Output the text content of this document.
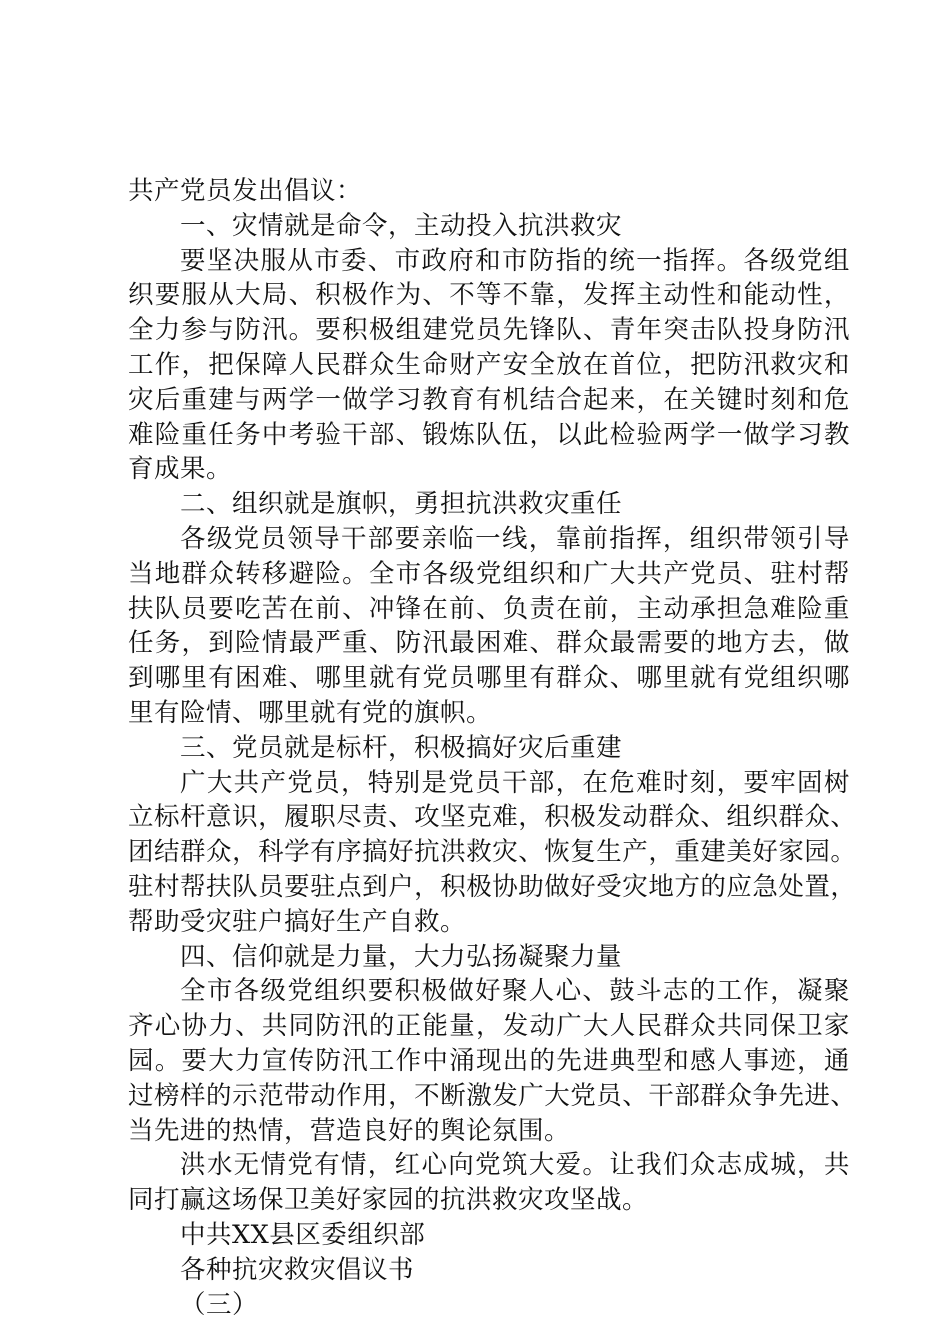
共产党员发出倡议：
一、灾情就是命令，主动投入抗洪救灾
要 坚 决 服 从 市 委 、 市 政 府 和 市 防 指 的 统 一 指 挥 。 各 级 党 组
织 要 服 从 大 局 、 积 极 作 为 、 不 等 不 靠 ， 发 挥 主 动 性 和 能 动 性 ，
全 力 参 与 防 汛 。 要 积 极 组 建 党 员 先 锋 队 、 青 年 突 击 队 投 身 防 汛
工 作 ， 把 保 障 人 民 群 众 生 命 财 产 安 全 放 在 首 位 ， 把 防 汛 救 灾 和
灾 后 重 建 与 两 学 一 做 学 习 教 育 有 机 结 合 起 来 ， 在 关 键 时 刻 和 危
难 险 重 任 务 中 考 验 干 部 、 锻 炼 队 伍 ， 以 此 检 验 两 学 一 做 学 习 教
育成果。
二、组织就是旗帜，勇担抗洪救灾重任
各 级 党 员 领 导 干 部 要 亲 临 一 线 ， 靠 前 指 挥 ， 组 织 带 领 引 导
当 地 群 众 转 移 避 险 。 全 市 各 级 党 组 织 和 广 大 共 产 党 员 、 驻 村 帮
扶 队 员 要 吃 苦 在 前 、 冲 锋 在 前 、 负 责 在 前 ， 主 动 承 担 急 难 险 重
任 务 ， 到 险 情 最 严 重 、 防 汛 最 困 难 、 群 众 最 需 要 的 地 方 去 ， 做
到 哪 里 有 困 难 、 哪 里 就 有 党 员 哪 里 有 群 众 、 哪 里 就 有 党 组 织 哪
里有险情、哪里就有党的旗帜。
三、党员就是标杆，积极搞好灾后重建
广 大 共 产 党 员 ， 特 别 是 党 员 干 部 ， 在 危 难 时 刻 ， 要 牢 固 树
立 标 杆 意 识 ， 履 职 尽 责 、 攻 坚 克 难 ， 积 极 发 动 群 众 、 组 织 群 众 、
团 结 群 众 ， 科 学 有 序 搞 好 抗 洪 救 灾 、 恢 复 生 产 ， 重 建 美 好 家 园 。
驻 村 帮 扶 队 员 要 驻 点 到 户 ， 积 极 协 助 做 好 受 灾 地 方 的 应 急 处 置 ，
帮助受灾驻户搞好生产自救。
四、信仰就是力量，大力弘扬凝聚力量
全 市 各 级 党 组 织 要 积 极 做 好 聚 人 心 、 鼓 斗 志 的 工 作 ， 凝 聚
齐 心 协 力 、 共 同 防 汛 的 正 能 量 ， 发 动 广 大 人 民 群 众 共 同 保 卫 家
园 。 要 大 力 宣 传 防 汛 工 作 中 涌 现 出 的 先 进 典 型 和 感 人 事 迹 ， 通
过 榜 样 的 示 范 带 动 作 用 ， 不 断 激 发 广 大 党 员 、 干 部 群 众 争 先 进 、
当先进的热情，营造良好的舆论氛围。
洪 水 无 情 党 有 情 ， 红 心 向 党 筑 大 爱 。 让 我 们 众 志 成 城 ， 共
同打赢这场保卫美好家园的抗洪救灾攻坚战。
中共XX县区委组织部
各种抗灾救灾倡议书
（三）
